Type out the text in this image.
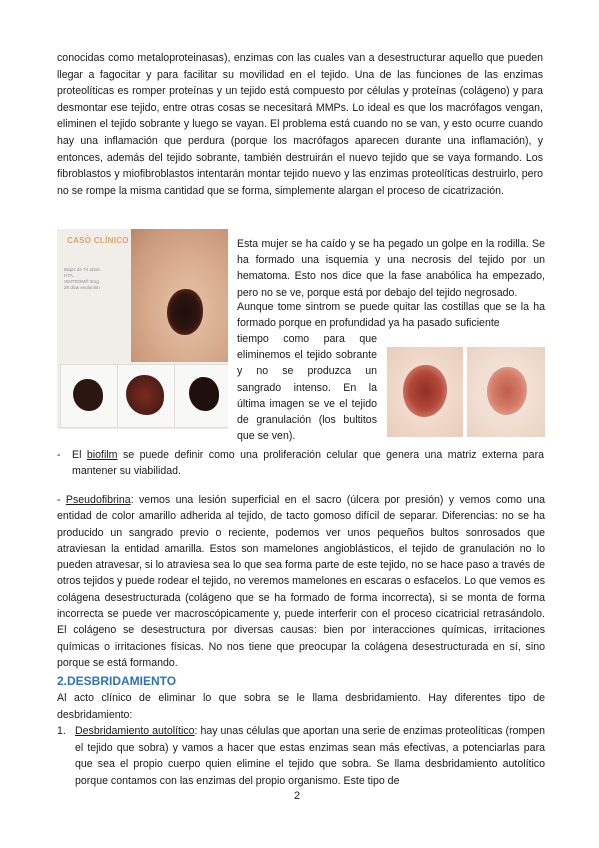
conocidas como metaloproteinasas), enzimas con las cuales van a desestructurar aquello que pueden llegar a fagocitar y para facilitar su movilidad en el tejido. Una de las funciones de las enzimas proteolíticas es romper proteínas y un tejido está compuesto por células y proteínas (colágeno) y para desmontar ese tejido, entre otras cosas se necesitará MMPs. Lo ideal es que los macrófagos vengan, eliminen el tejido sobrante y luego se vayan. El problema está cuando no se van, y esto ocurre cuando hay una inflamación que perdura (porque los macrófagos aparecen durante una inflamación), y entonces, además del tejido sobrante, también destruirán el nuevo tejido que se vaya formando. Los fibroblastos y miofibroblastos intentarán montar tejido nuevo y las enzimas proteolíticas destruirlo, pero no se rompe la misma cantidad que se forma, simplemente alargan el proceso de cicatrización.
CASO CLÍNICO
Mujer de 74 años.
HTA.
SINTROM® 2mg
25 días evolución
Esta mujer se ha caído y se ha pegado un golpe en la rodilla. Se ha formado una isquemia y una necrosis del tejido por un hematoma. Esto nos dice que la fase anabólica ha empezado, pero no se ve, porque está por debajo del tejido negrosado.
Aunque tome sintrom se puede quitar las costillas que se la ha formado porque en profundidad ya ha pasado suficiente
tiempo como para que eliminemos el tejido sobrante y no se produzca un sangrado intenso. En la última imagen se ve el tejido de granulación (los bultitos que se ven).
- El biofilm se puede definir como una proliferación celular que genera una matriz externa para mantener su viabilidad.
- Pseudofibrina: vemos una lesión superficial en el sacro (úlcera por presión) y vemos como una entidad de color amarillo adherida al tejido, de tacto gomoso difícil de separar. Diferencias: no se ha producido un sangrado previo o reciente, podemos ver unos pequeños bultos sonrosados que atraviesan la entidad amarilla. Estos son mamelones angioblásticos, el tejido de granulación no lo pueden atravesar, si lo atraviesa sea lo que sea forma parte de este tejido, no se hace paso a través de otros tejidos y puede rodear el tejido, no veremos mamelones en escaras o esfacelos. Lo que vemos es colágena desestructurada (colágeno que se ha formado de forma incorrecta), si se monta de forma incorrecta se puede ver macroscópicamente y, puede interferir con el proceso cicatricial retrasándolo. El colágeno se desestructura por diversas causas: bien por interacciones químicas, irritaciones químicas o irritaciones físicas. No nos tiene que preocupar la colágena desestructurada en sí, sino porque se está formando.
2.DESBRIDAMIENTO
Al acto clínico de eliminar lo que sobra se le llama desbridamiento. Hay diferentes tipo de desbridamiento:
1. Desbridamiento autolítico: hay unas células que aportan una serie de enzimas proteolíticas (rompen el tejido que sobra) y vamos a hacer que estas enzimas sean más efectivas, a potenciarlas para que sea el propio cuerpo quien elimine el tejido que sobra. Se llama desbridamiento autolítico porque contamos con las enzimas del propio organismo. Este tipo de
2
